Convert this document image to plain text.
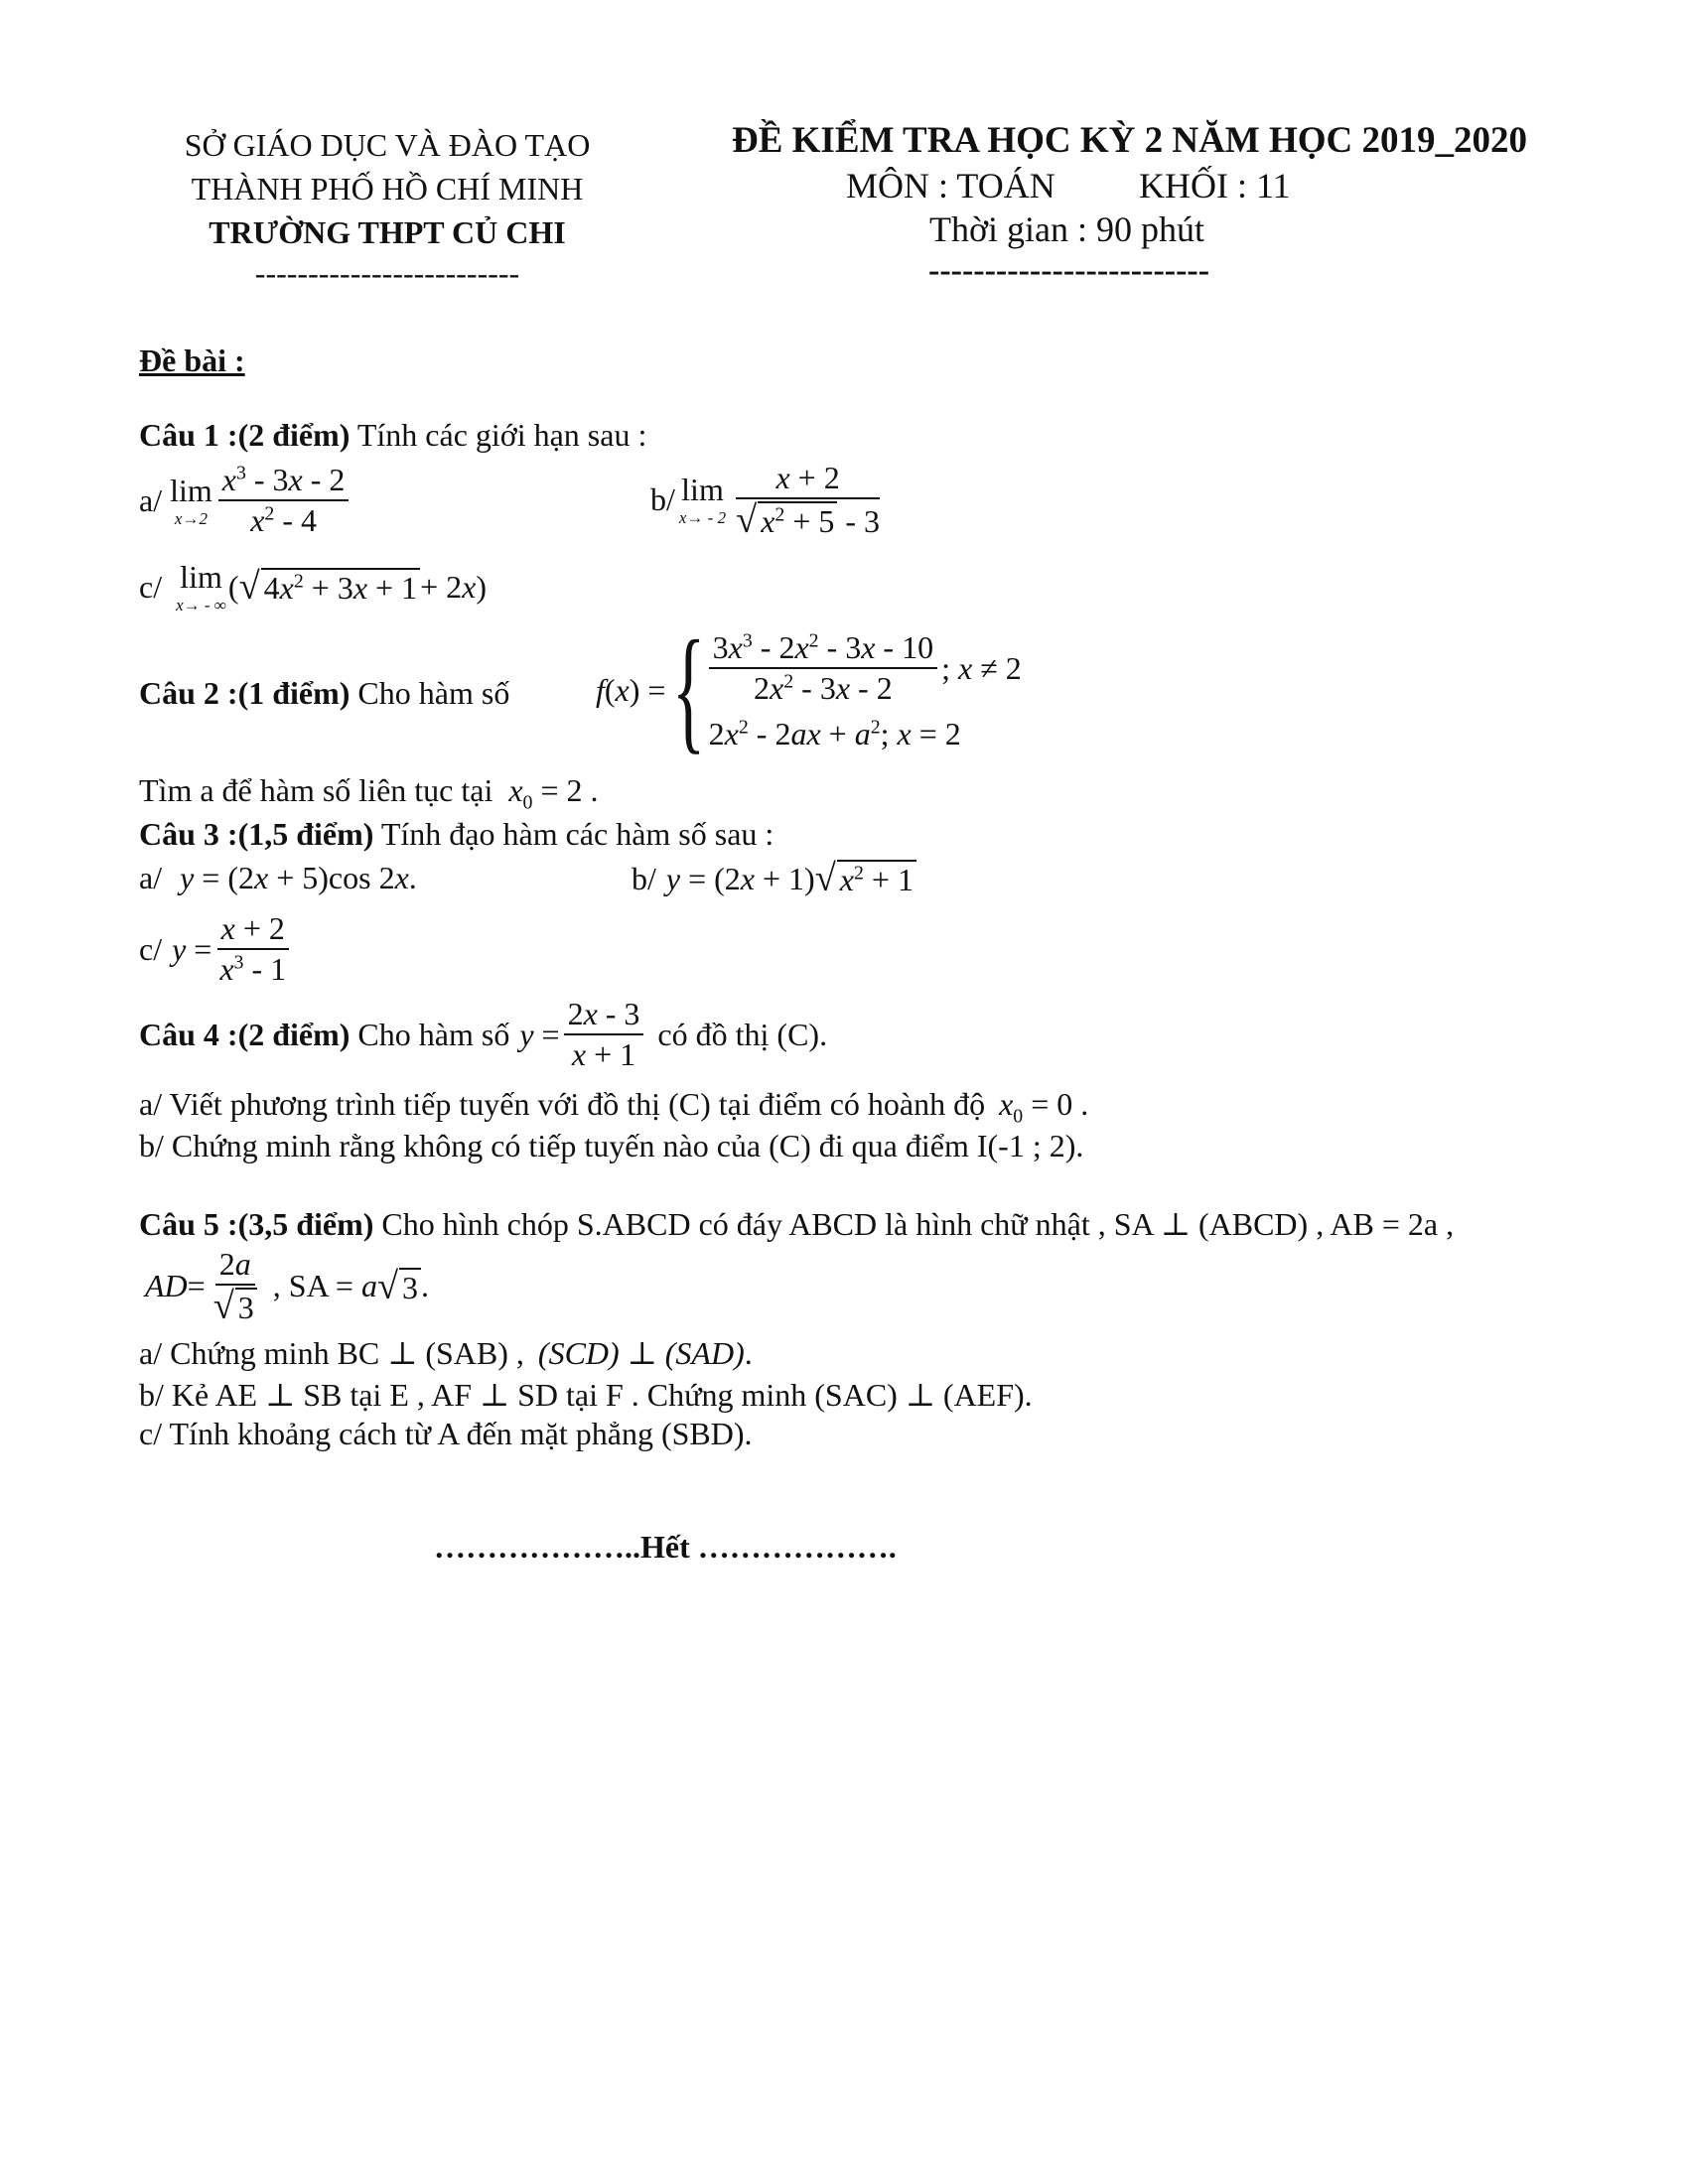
SỞ GIÁO DỤC VÀ ĐÀO TẠO
THÀNH PHỐ HỒ CHÍ MINH
TRƯỜNG THPT CỦ CHI
-------------------------
ĐỀ KIỂM TRA HỌC KỲ 2 NĂM HỌC 2019_2020
MÔN : TOÁN KHỐI : 11
Thời gian : 90 phút
-------------------------
Đề bài :
Câu 1 :(2 điểm) Tính các giới hạn sau :
a/ lim
$x\to 2 \frac{x^3 - 3x - 2}{x^2 - 4}$	b/ lim
$x\to - 2 \frac{x + 2}{√ x^2 + 5 - 3}$
c/ lim
x→ - ∞
( √ $4x^2 + 3x + 1 + 2x$)
Câu 2 :(1 điểm) Cho hàm số	f(x) = { $\frac{3x^3 - 2x^2 - 3x - 10}{2x^2 - 3x - 2}$ ; x ≠ 2
$2x^2 - 2ax + a^2$; x = 2
Tìm a để hàm số liên tục tại $x_0 = 2$ .
Câu 3 :(1,5 điểm) Tính đạo hàm các hàm số sau :
a/ y = (2x + 5)cos 2x.	b/ y = (2x + 1) √ $x^2 + 1$
c/ $y = \frac{x + 2}{x^3 - 1}$
Câu 4 :(2 điểm) Cho hàm số $y = \frac{2x - 3}{x + 1}$ có đồ thị (C).
a/ Viết phương trình tiếp tuyến với đồ thị (C) tại điểm có hoành độ $x_0 = 0$ .
b/ Chứng minh rằng không có tiếp tuyến nào của (C) đi qua điểm I(-1 ; 2).
Câu 5 :(3,5 điểm) Cho hình chóp S.ABCD có đáy ABCD là hình chữ nhật , SA ⊥ (ABCD) , AB = 2a ,
AD = $\frac{2a}{√ 3}$ , SA = a √ 3 .
a/ Chứng minh BC ⊥ (SAB) , (SCD) ⊥ (SAD).
b/ Kẻ AE ⊥ SB tại E , AF ⊥ SD tại F . Chứng minh (SAC) ⊥ (AEF).
c/ Tính khoảng cách từ A đến mặt phẳng (SBD).
………………..Hết ……………….
